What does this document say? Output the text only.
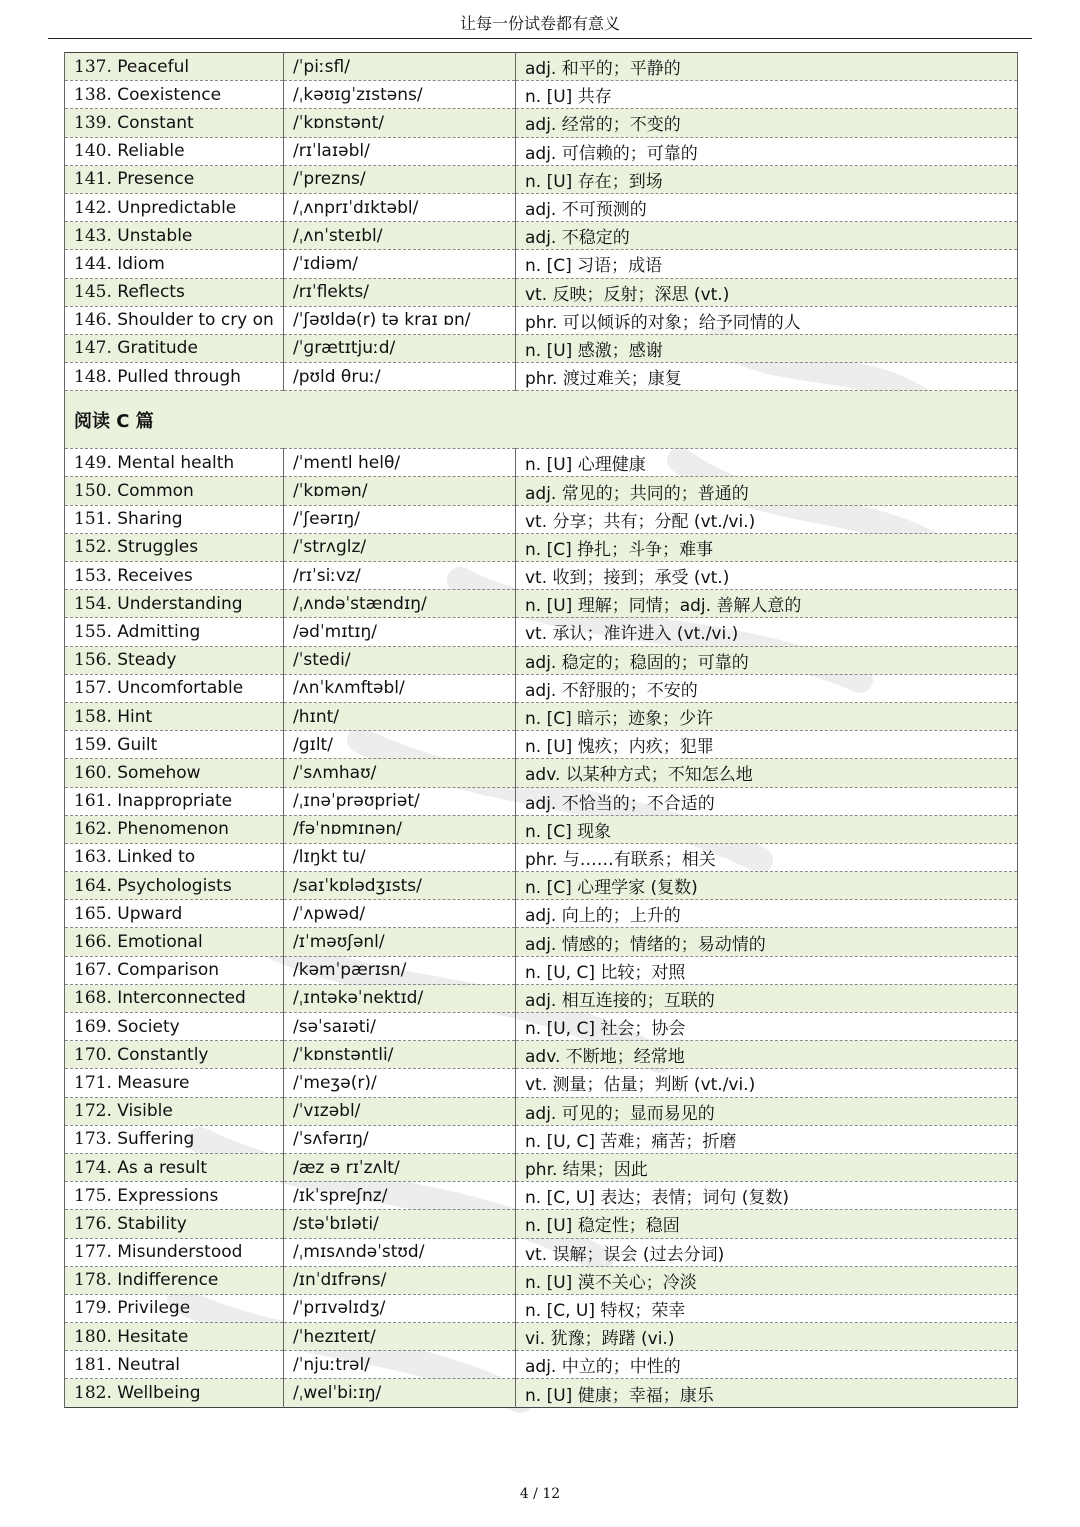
让每一份试卷都有意义
137. Peaceful	/ˈpiːsfl/	adj. 和平的；平静的
138. Coexistence	/ˌkəʊɪɡˈzɪstəns/	n. [U] 共存
139. Constant	/ˈkɒnstənt/	adj. 经常的；不变的
140. Reliable	/rɪˈlaɪəbl/	adj. 可信赖的；可靠的
141. Presence	/ˈprezns/	n. [U] 存在；到场
142. Unpredictable	/ˌʌnprɪˈdɪktəbl/	adj. 不可预测的
143. Unstable	/ˌʌnˈsteɪbl/	adj. 不稳定的
144. Idiom	/ˈɪdiəm/	n. [C] 习语；成语
145. Reflects	/rɪˈflekts/	vt. 反映；反射；深思 (vt.)
146. Shoulder to cry on	/ˈʃəʊldə(r) tə kraɪ ɒn/	phr. 可以倾诉的对象；给予同情的人
147. Gratitude	/ˈɡrætɪtjuːd/	n. [U] 感激；感谢
148. Pulled through	/pʊld θruː/	phr. 渡过难关；康复
阅读 C 篇		
149. Mental health	/ˈmentl helθ/	n. [U] 心理健康
150. Common	/ˈkɒmən/	adj. 常见的；共同的；普通的
151. Sharing	/ˈʃeərɪŋ/	vt. 分享；共有；分配 (vt./vi.)
152. Struggles	/ˈstrʌɡlz/	n. [C] 挣扎；斗争；难事
153. Receives	/rɪˈsiːvz/	vt. 收到；接到；承受 (vt.)
154. Understanding	/ˌʌndəˈstændɪŋ/	n. [U] 理解；同情；adj. 善解人意的
155. Admitting	/ədˈmɪtɪŋ/	vt. 承认；准许进入 (vt./vi.)
156. Steady	/ˈstedi/	adj. 稳定的；稳固的；可靠的
157. Uncomfortable	/ʌnˈkʌmftəbl/	adj. 不舒服的；不安的
158. Hint	/hɪnt/	n. [C] 暗示；迹象；少许
159. Guilt	/ɡɪlt/	n. [U] 愧疚；内疚；犯罪
160. Somehow	/ˈsʌmhaʊ/	adv. 以某种方式；不知怎么地
161. Inappropriate	/ˌɪnəˈprəʊpriət/	adj. 不恰当的；不合适的
162. Phenomenon	/fəˈnɒmɪnən/	n. [C] 现象
163. Linked to	/lɪŋkt tu/	phr. 与……有联系；相关
164. Psychologists	/saɪˈkɒlədʒɪsts/	n. [C] 心理学家 (复数)
165. Upward	/ˈʌpwəd/	adj. 向上的；上升的
166. Emotional	/ɪˈməʊʃənl/	adj. 情感的；情绪的；易动情的
167. Comparison	/kəmˈpærɪsn/	n. [U, C] 比较；对照
168. Interconnected	/ˌɪntəkəˈnektɪd/	adj. 相互连接的；互联的
169. Society	/səˈsaɪəti/	n. [U, C] 社会；协会
170. Constantly	/ˈkɒnstəntli/	adv. 不断地；经常地
171. Measure	/ˈmeʒə(r)/	vt. 测量；估量；判断 (vt./vi.)
172. Visible	/ˈvɪzəbl/	adj. 可见的；显而易见的
173. Suffering	/ˈsʌfərɪŋ/	n. [U, C] 苦难；痛苦；折磨
174. As a result	/æz ə rɪˈzʌlt/	phr. 结果；因此
175. Expressions	/ɪkˈspreʃnz/	n. [C, U] 表达；表情；词句 (复数)
176. Stability	/stəˈbɪləti/	n. [U] 稳定性；稳固
177. Misunderstood	/ˌmɪsʌndəˈstʊd/	vt. 误解；误会 (过去分词)
178. Indifference	/ɪnˈdɪfrəns/	n. [U] 漠不关心；冷淡
179. Privilege	/ˈprɪvəlɪdʒ/	n. [C, U] 特权；荣幸
180. Hesitate	/ˈhezɪteɪt/	vi. 犹豫；踌躇 (vi.)
181. Neutral	/ˈnjuːtrəl/	adj. 中立的；中性的
182. Wellbeing	/ˌwelˈbiːɪŋ/	n. [U] 健康；幸福；康乐
4 / 12
